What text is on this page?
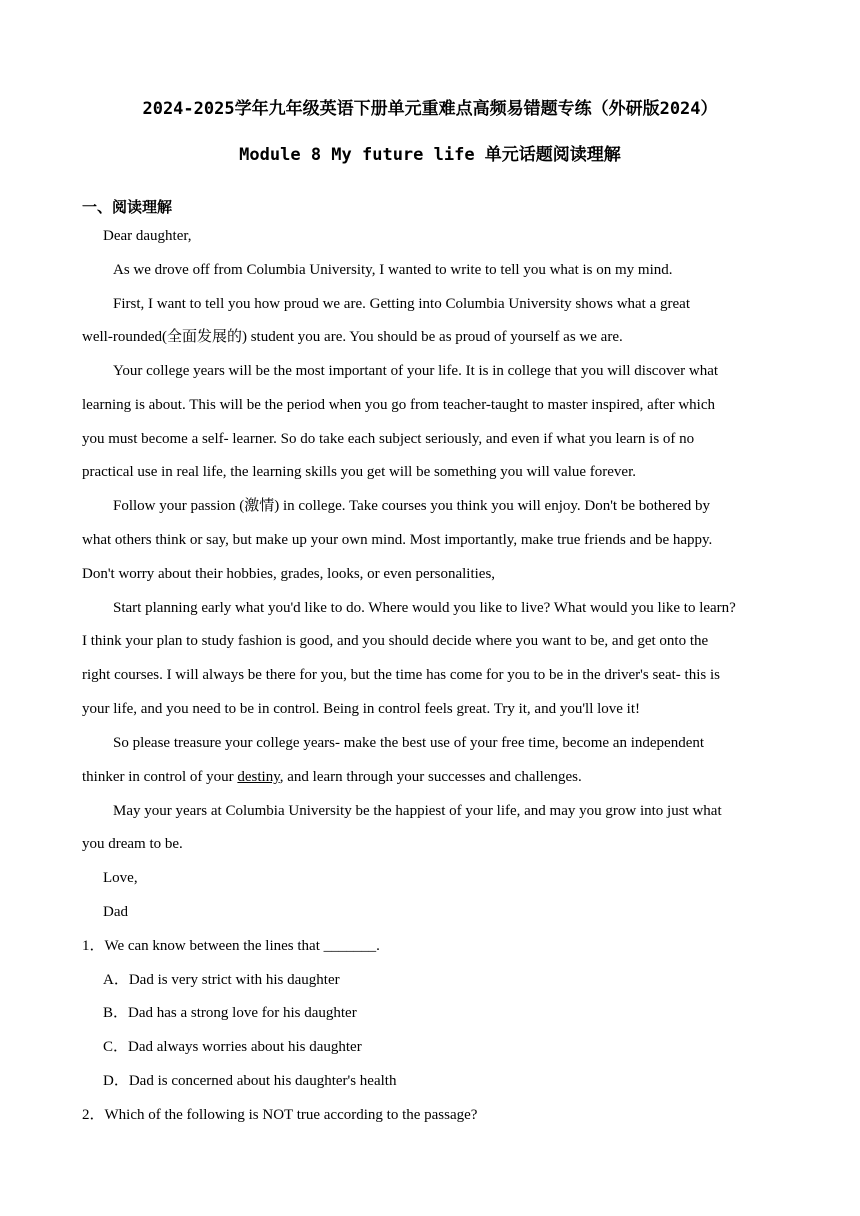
2024-2025学年九年级英语下册单元重难点高频易错题专练（外研版2024）
Module 8 My future life 单元话题阅读理解
一、阅读理解
Dear daughter,
As we drove off from Columbia University, I wanted to write to tell you what is on my mind.
First, I want to tell you how proud we are. Getting into Columbia University shows what a great
well-rounded(全面发展的) student you are. You should be as proud of yourself as we are.
Your college years will be the most important of your life. It is in college that you will discover what
learning is about. This will be the period when you go from teacher-taught to master inspired, after which
you must become a self- learner. So do take each subject seriously, and even if what you learn is of no
practical use in real life, the learning skills you get will be something you will value forever.
Follow your passion (激情) in college. Take courses you think you will enjoy. Don't be bothered by
what others think or say, but make up your own mind. Most importantly, make true friends and be happy.
Don't worry about their hobbies, grades, looks, or even personalities,
Start planning early what you'd like to do. Where would you like to live? What would you like to learn?
I think your plan to study fashion is good, and you should decide where you want to be, and get onto the
right courses. I will always be there for you, but the time has come for you to be in the driver's seat- this is
your life, and you need to be in control. Being in control feels great. Try it, and you'll love it!
So please treasure your college years- make the best use of your free time, become an independent
thinker in control of your destiny, and learn through your successes and challenges.
May your years at Columbia University be the happiest of your life, and may you grow into just what
you dream to be.
Love,
Dad
1．We can know between the lines that _______.
A．Dad is very strict with his daughter
B．Dad has a strong love for his daughter
C．Dad always worries about his daughter
D．Dad is concerned about his daughter's health
2．Which of the following is NOT true according to the passage?
